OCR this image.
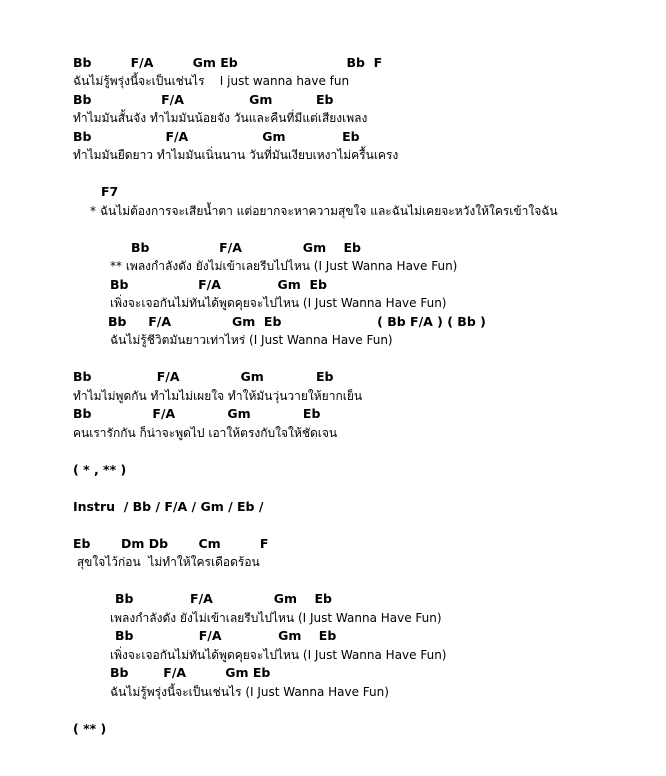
Bb         F/A         Gm Eb                         Bb  F
ฉันไม่รู้พรุ่งนี้จะเป็นเช่นไร    I just wanna have fun
Bb                F/A               Gm          Eb
ทำไมมันสั้นจัง ทำไมมันน้อยจัง วันและคืนที่มีแต่เสียงเพลง
Bb                 F/A                 Gm             Eb
ทำไมมันยืดยาว ทำไมมันเนิ่นนาน วันที่มันเงียบเหงาไม่ครื้นเครง
F7
* ฉันไม่ต้องการจะเสียน้ำตา แต่อยากจะหาความสุขใจ และฉันไม่เคยจะหวังให้ใครเข้าใจฉัน
Bb                F/A              Gm    Eb
** เพลงกำลังดัง ยังไม่เข้าเลยรีบไปไหน (I Just Wanna Have Fun)
Bb                F/A             Gm  Eb
เพิ่งจะเจอกันไม่ทันได้พูดคุยจะไปไหน (I Just Wanna Have Fun)
Bb     F/A              Gm  Eb                      ( Bb F/A ) ( Bb )
ฉันไม่รู้ชีวิตมันยาวเท่าไหร่ (I Just Wanna Have Fun)
Bb               F/A              Gm            Eb
ทำไมไม่พูดกัน ทำไมไม่เผยใจ ทำให้มันวุ่นวายให้ยากเย็น
Bb              F/A            Gm            Eb
คนเรารักกัน ก็น่าจะพูดไป เอาให้ตรงกับใจให้ชัดเจน
( * , ** )
Instru  / Bb / F/A / Gm / Eb /
Eb       Dm Db       Cm         F
สุขใจไว้ก่อน  ไม่ทำให้ใครเดือดร้อน
Bb             F/A              Gm    Eb
เพลงกำลังดัง ยังไม่เข้าเลยรีบไปไหน (I Just Wanna Have Fun)
Bb               F/A             Gm    Eb
เพิ่งจะเจอกันไม่ทันได้พูดคุยจะไปไหน (I Just Wanna Have Fun)
Bb        F/A         Gm Eb
ฉันไม่รู้พรุ่งนี้จะเป็นเช่นไร (I Just Wanna Have Fun)
( ** )
